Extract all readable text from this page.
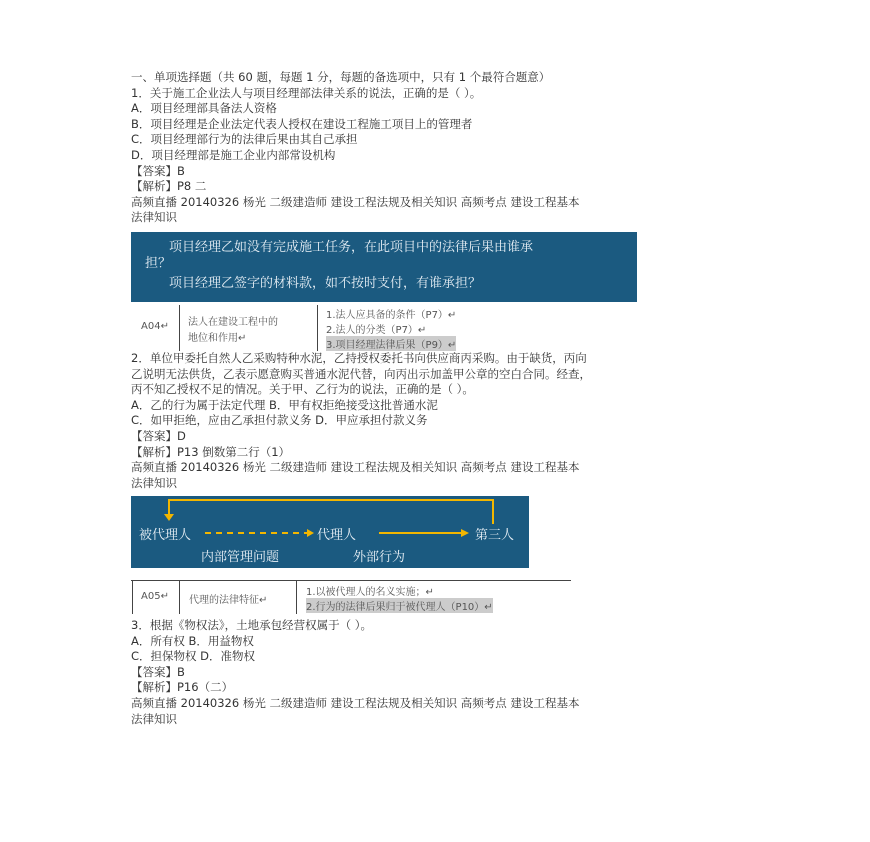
一、单项选择题（共 60 题，每题 1 分，每题的备选项中，只有 1 个最符合题意）
1．关于施工企业法人与项目经理部法律关系的说法，正确的是（ ）。
A．项目经理部具备法人资格
B．项目经理是企业法定代表人授权在建设工程施工项目上的管理者
C．项目经理部行为的法律后果由其自己承担
D．项目经理部是施工企业内部常设机构
【答案】B
【解析】P8 二
高频直播 20140326 杨光 二级建造师 建设工程法规及相关知识 高频考点 建设工程基本
法律知识
项目经理乙如没有完成施工任务，在此项目中的法律后果由谁承
担？
项目经理乙签字的材料款，如不按时支付，有谁承担？
A04↵ 法人在建设工程中的
地位和作用↵
1.法人应具备的条件（P7）↵
2.法人的分类（P7）↵
3.项目经理法律后果（P9）↵
2．单位甲委托自然人乙采购特种水泥，乙持授权委托书向供应商丙采购。由于缺货，丙向
乙说明无法供货，乙表示愿意购买普通水泥代替，向丙出示加盖甲公章的空白合同。经查，
丙不知乙授权不足的情况。关于甲、乙行为的说法，正确的是（ ）。
A．乙的行为属于法定代理 B．甲有权拒绝接受这批普通水泥
C．如甲拒绝，应由乙承担付款义务 D．甲应承担付款义务
【答案】D
【解析】P13 倒数第二行（1）
高频直播 20140326 杨光 二级建造师 建设工程法规及相关知识 高频考点 建设工程基本
法律知识
被代理人	代理人	第三人
内部管理问题	外部行为
A05↵ 代理的法律特征↵
1.以被代理人的名义实施；↵
2.行为的法律后果归于被代理人（P10）↵
3．根据《物权法》，土地承包经营权属于（ ）。
A．所有权 B．用益物权
C．担保物权 D．准物权
【答案】B
【解析】P16（二）
高频直播 20140326 杨光 二级建造师 建设工程法规及相关知识 高频考点 建设工程基本
法律知识
